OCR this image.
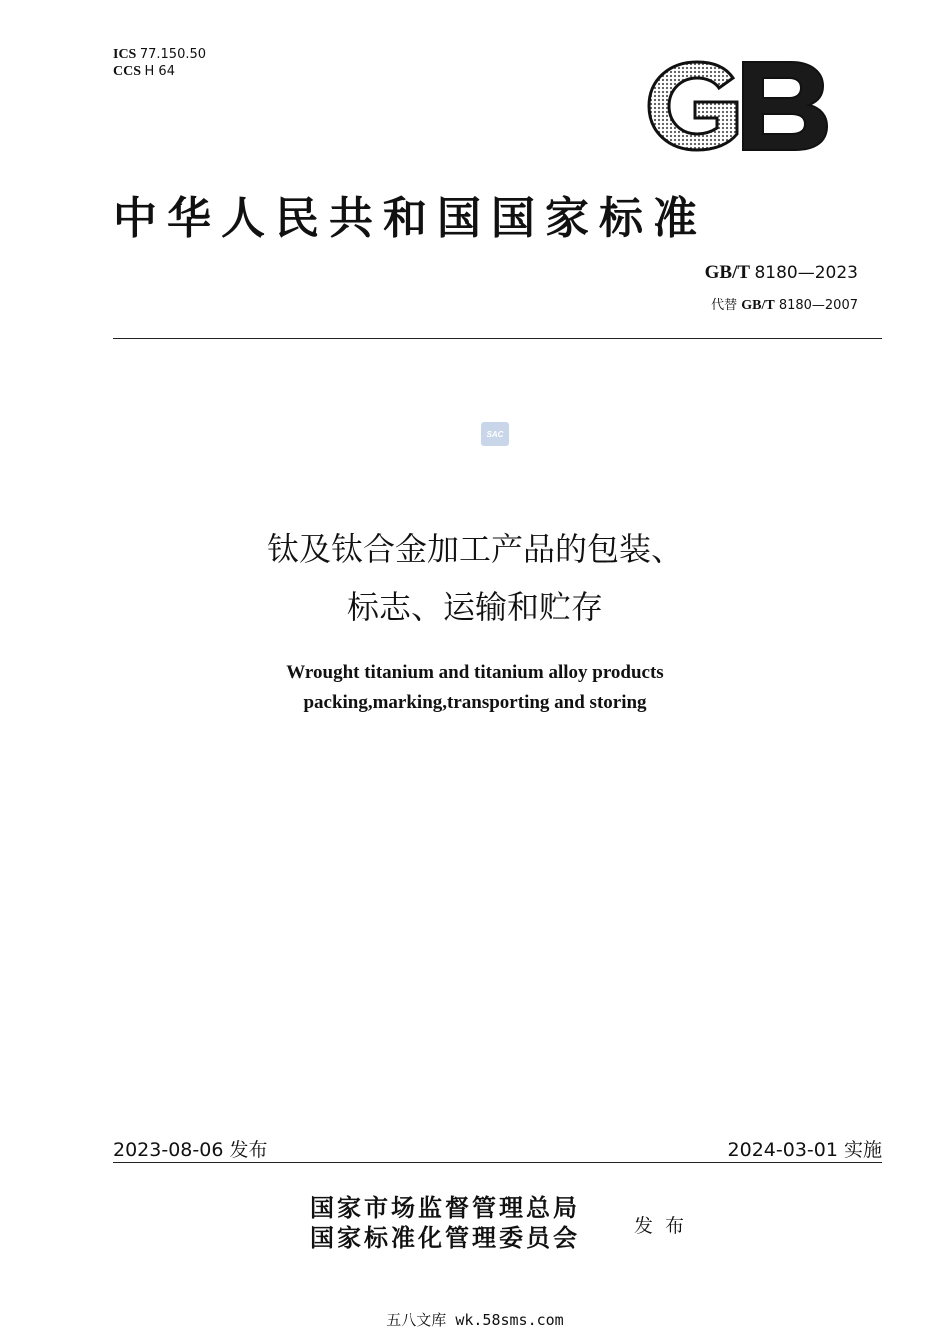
ICS 77.150.50
CCS H 64
GB
中华人民共和国国家标准
GB/T 8180—2023
代替 GB/T 8180—2007
SAC
钛及钛合金加工产品的包装、
标志、运输和贮存
Wrought titanium and titanium alloy products
packing,marking,transporting and storing
2023-08-06 发布	2024-03-01 实施
国家市场监督管理总局
国家标准化管理委员会	发布
五八文库 wk.58sms.com
